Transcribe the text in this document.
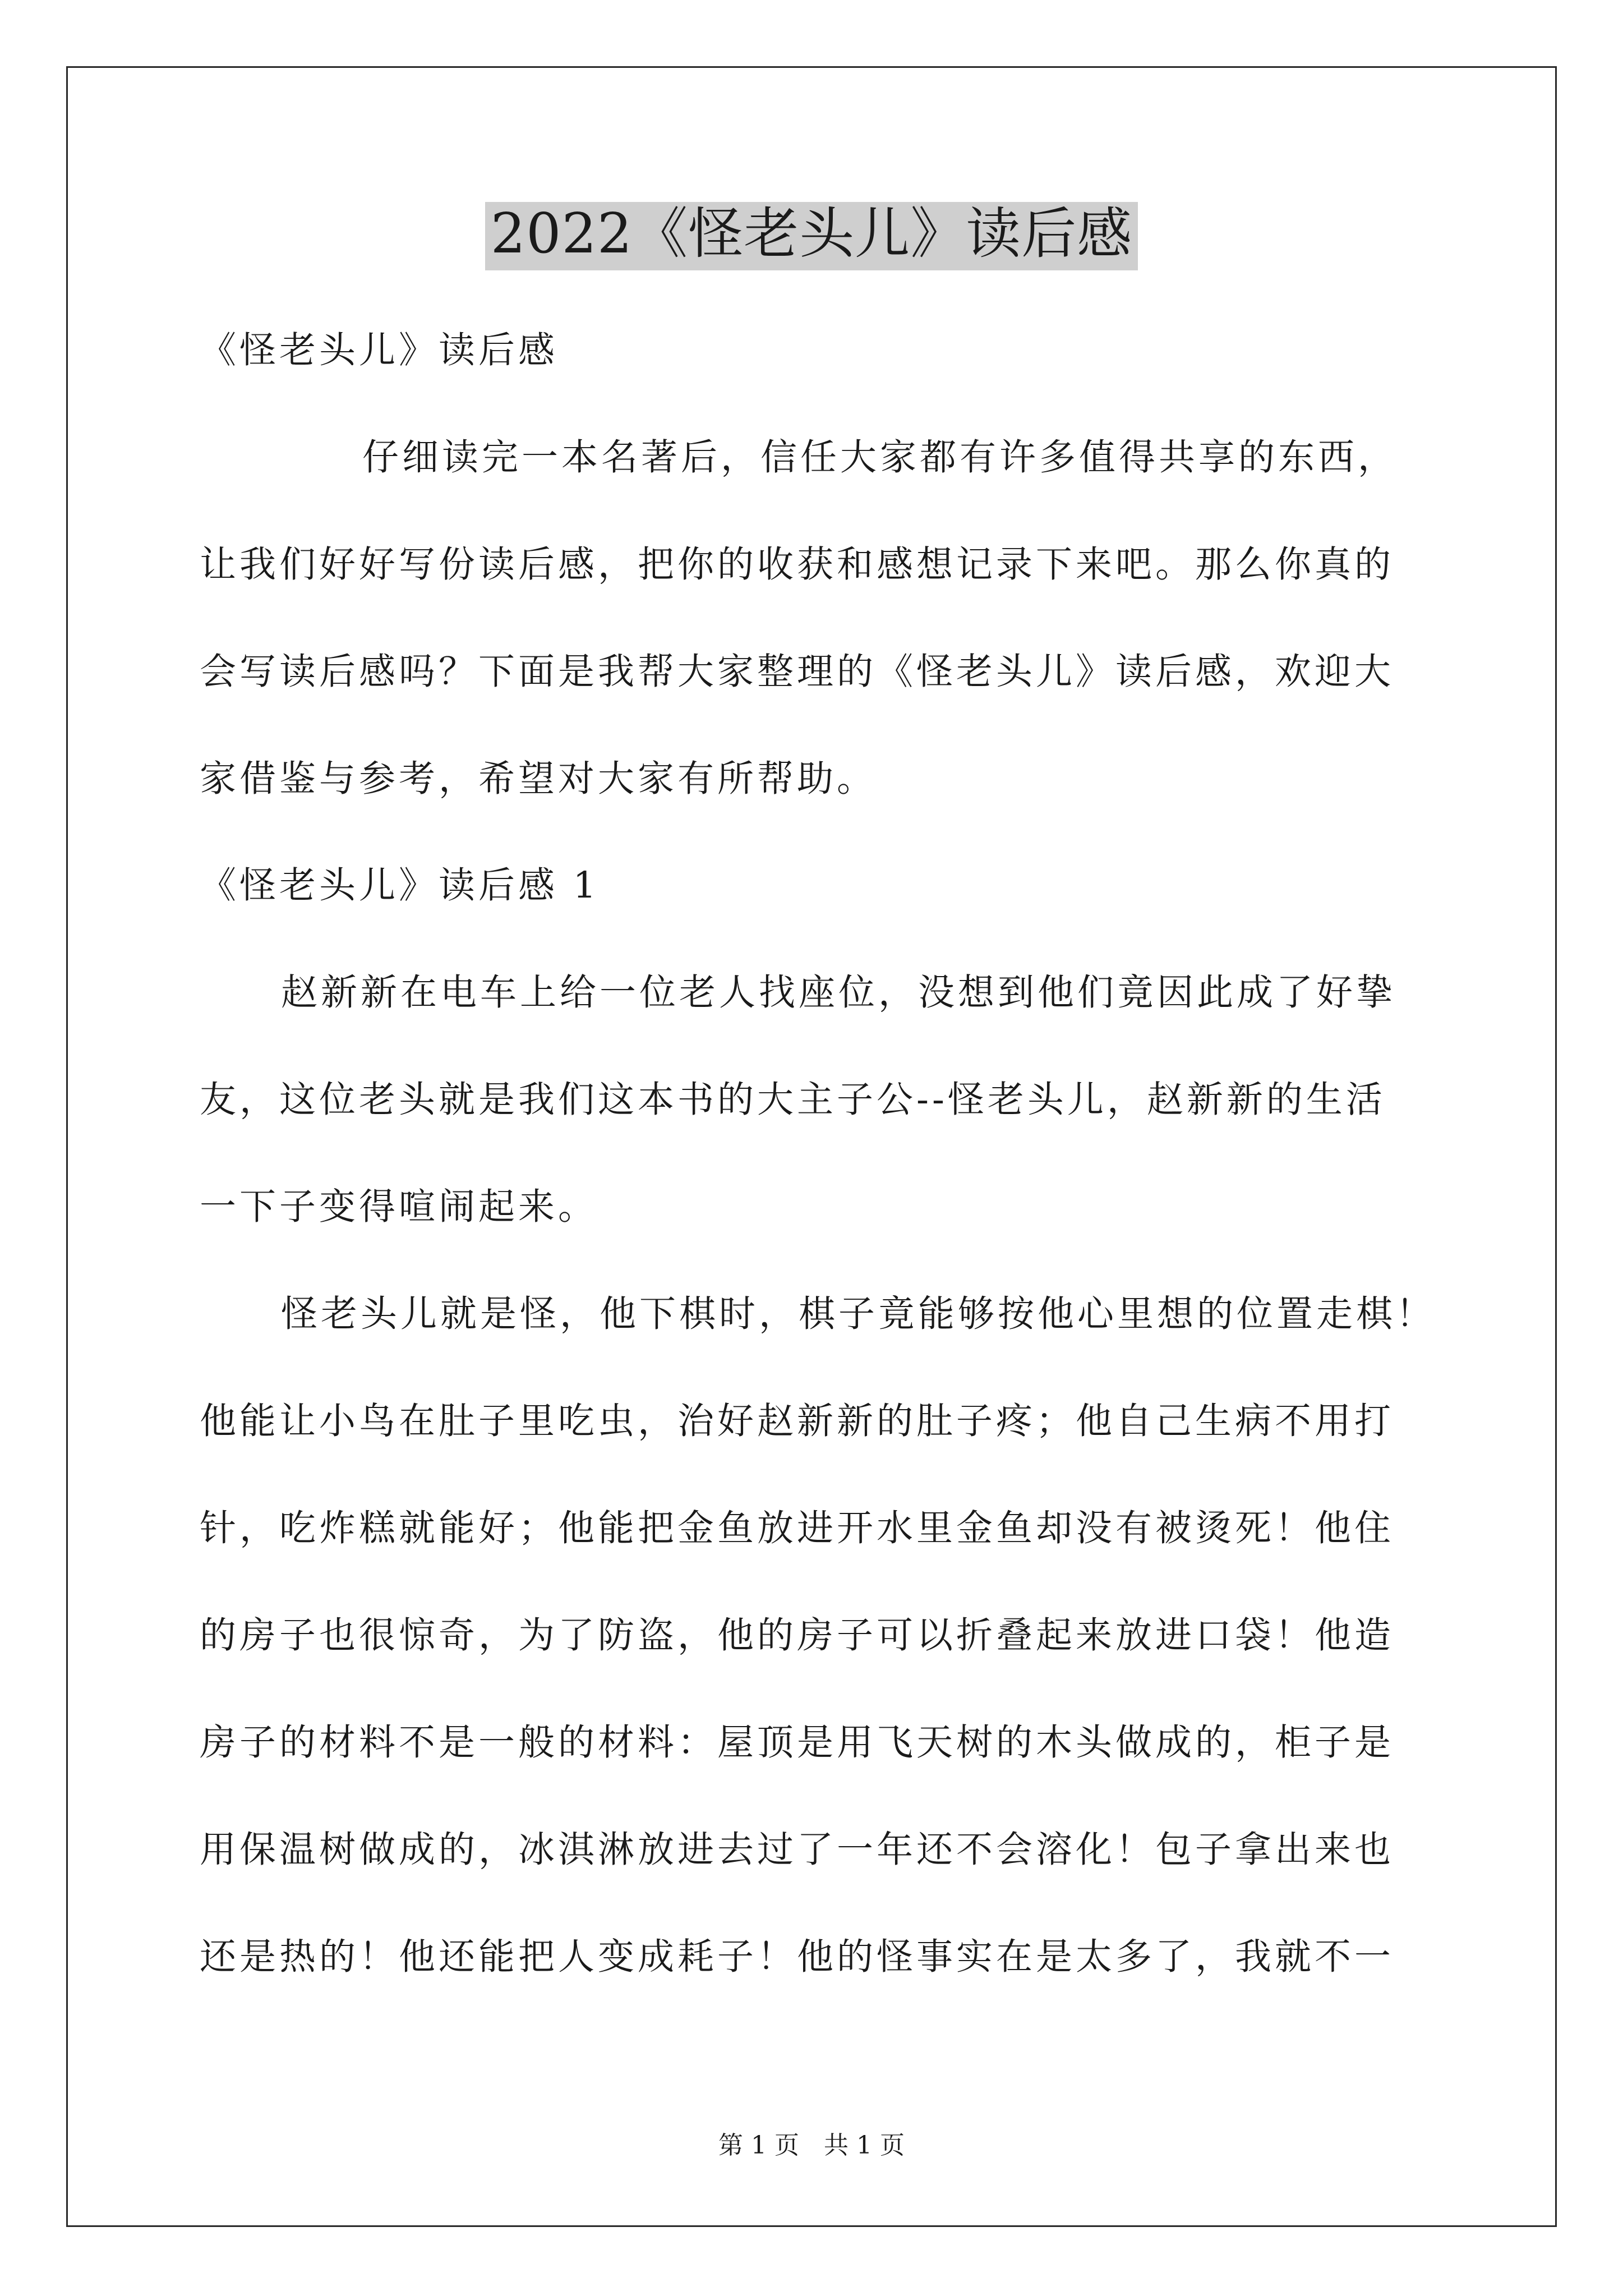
2022《怪老头儿》读后感

《怪老头儿》读后感

仔细读完一本名著后，信任大家都有许多值得共享的东西，

让我们好好写份读后感，把你的收获和感想记录下来吧。那么你真的

会写读后感吗？下面是我帮大家整理的《怪老头儿》读后感，欢迎大

家借鉴与参考，希望对大家有所帮助。

《怪老头儿》读后感 1

赵新新在电车上给一位老人找座位，没想到他们竟因此成了好挚

友，这位老头就是我们这本书的大主子公--怪老头儿，赵新新的生活

一下子变得喧闹起来。

怪老头儿就是怪，他下棋时，棋子竟能够按他心里想的位置走棋！

他能让小鸟在肚子里吃虫，治好赵新新的肚子疼；他自己生病不用打

针，吃炸糕就能好；他能把金鱼放进开水里金鱼却没有被烫死！他住

的房子也很惊奇，为了防盗，他的房子可以折叠起来放进口袋！他造

房子的材料不是一般的材料：屋顶是用飞天树的木头做成的，柜子是

用保温树做成的，冰淇淋放进去过了一年还不会溶化！包子拿出来也

还是热的！他还能把人变成耗子！他的怪事实在是太多了，我就不一

第 1 页　共 1 页
